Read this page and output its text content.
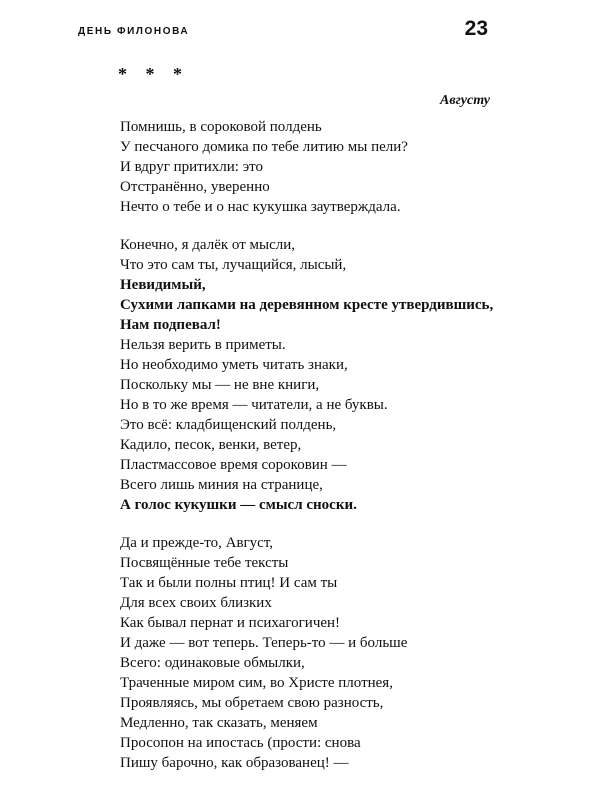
ДЕНЬ ФИЛОНОВА	23
* * *
Августу
Помнишь, в сороковой полдень
У песчаного домика по тебе литию мы пели?
И вдруг притихли: это
Отстранённо, уверенно
Нечто о тебе и о нас кукушка заутверждала.
Конечно, я далёк от мысли,
Что это сам ты, лучащийся, лысый,
Невидимый,
Сухими лапками на деревянном кресте утвердившись,
Нам подпевал!
Нельзя верить в приметы.
Но необходимо уметь читать знаки,
Поскольку мы — не вне книги,
Но в то же время — читатели, а не буквы.
Это всё: кладбищенский полдень,
Кадило, песок, венки, ветер,
Пластмассовое время сороковин —
Всего лишь миния на странице,
А голос кукушки — смысл сноски.
Да и прежде-то, Август,
Посвящённые тебе тексты
Так и были полны птиц! И сам ты
Для всех своих близких
Как бывал пернат и психагогичен!
И даже — вот теперь. Теперь-то — и больше
Всего: одинаковые обмылки,
Траченные миром сим, во Христе плотнея,
Проявляясь, мы обретаем свою разность,
Медленно, так сказать, меняем
Просопон на ипостась (прости: снова
Пишу барочно, как образованец! —
